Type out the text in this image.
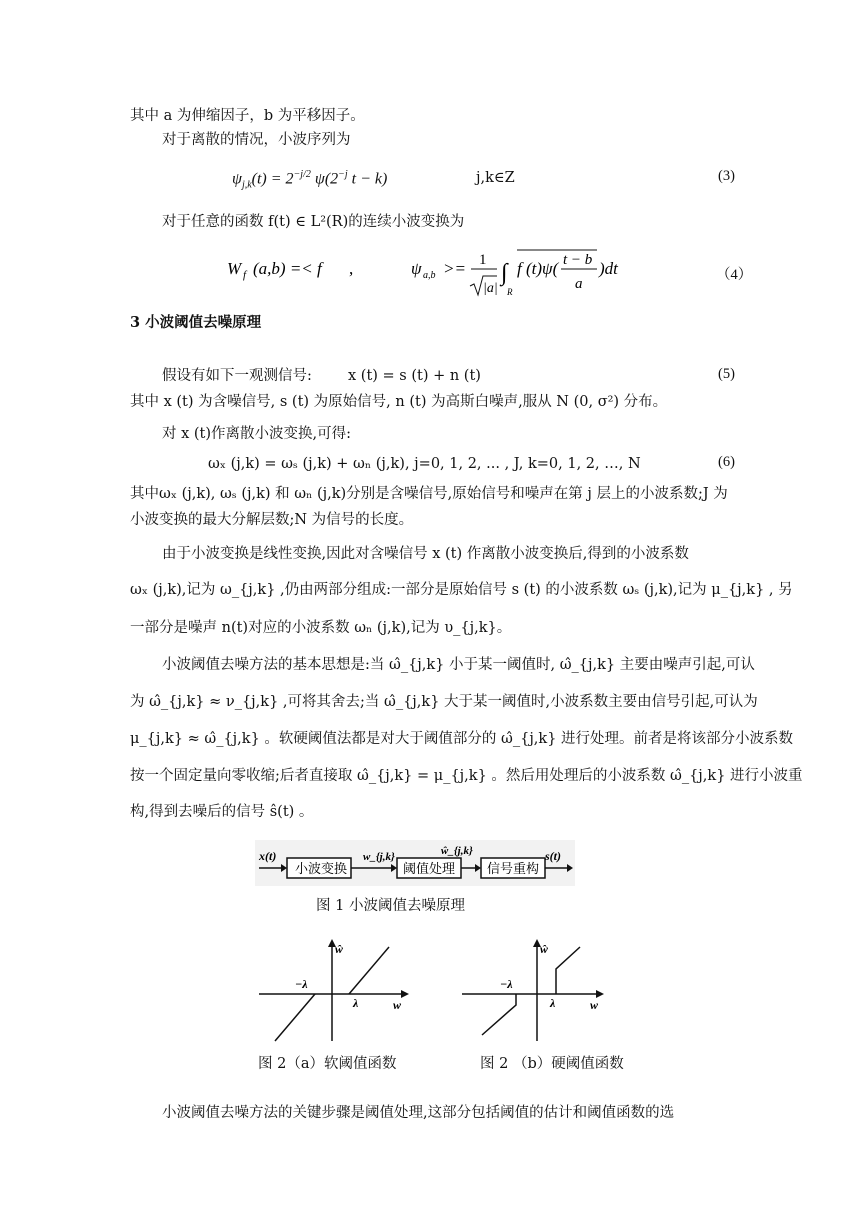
其中 a 为伸缩因子，b 为平移因子。
对于离散的情况，小波序列为
$\psi_{j,k}(t) = 2^{-j/2}$ $\psi(2^{-j}$ t − k)	j,k∈Z	(3)
对于任意的函数 f(t) ∈ L²(R)的连续小波变换为
W f (a,b) =< f ,	ψ a,b >= 1
|a|
∫
R
f (t)ψ( t − b
a
)dt	（4）
3 小波阈值去噪原理
假设有如下一观测信号: x (t) = s (t) + n (t)	(5)
其中 x (t) 为含噪信号, s (t) 为原始信号, n (t) 为高斯白噪声,服从 N (0, σ²) 分布。
对 x (t)作离散小波变换,可得:
ωₓ (j,k) = ωₛ (j,k) + ωₙ (j,k), j=0, 1, 2, ... , J, k=0, 1, 2, …, N	(6)
其中ωₓ (j,k), ωₛ (j,k) 和 ωₙ (j,k)分别是含噪信号,原始信号和噪声在第 j 层上的小波系数;J 为
小波变换的最大分解层数;N 为信号的长度。
由于小波变换是线性变换,因此对含噪信号 x (t) 作离散小波变换后,得到的小波系数
ωₓ (j,k),记为 ω_{j,k} ,仍由两部分组成:一部分是原始信号 s (t) 的小波系数 ωₛ (j,k),记为 μ_{j,k} , 另
一部分是噪声 n(t)对应的小波系数 ωₙ (j,k),记为 υ_{j,k}。
小波阈值去噪方法的基本思想是:当 ω̂_{j,k} 小于某一阈值时, ω̂_{j,k} 主要由噪声引起,可认
为 ω̂_{j,k} ≈ ν_{j,k} ,可将其舍去;当 ω̂_{j,k} 大于某一阈值时,小波系数主要由信号引起,可认为
μ_{j,k} ≈ ω̂_{j,k} 。软硬阈值法都是对大于阈值部分的 ω̂_{j,k} 进行处理。前者是将该部分小波系数
按一个固定量向零收缩;后者直接取 ω̂_{j,k} = μ_{j,k} 。然后用处理后的小波系数 ω̂_{j,k} 进行小波重
构,得到去噪后的信号 ŝ(t) 。
x(t)
小波变换
w_{j,k}
阈值处理
ŵ_{j,k}
信号重构
s(t)
图 1 小波阈值去噪原理
ŵ
w
−λ
λ
图 2（a）软阈值函数
ŵ
w
−λ
λ
图 2 （b）硬阈值函数
小波阈值去噪方法的关键步骤是阈值处理,这部分包括阈值的估计和阈值函数的选
